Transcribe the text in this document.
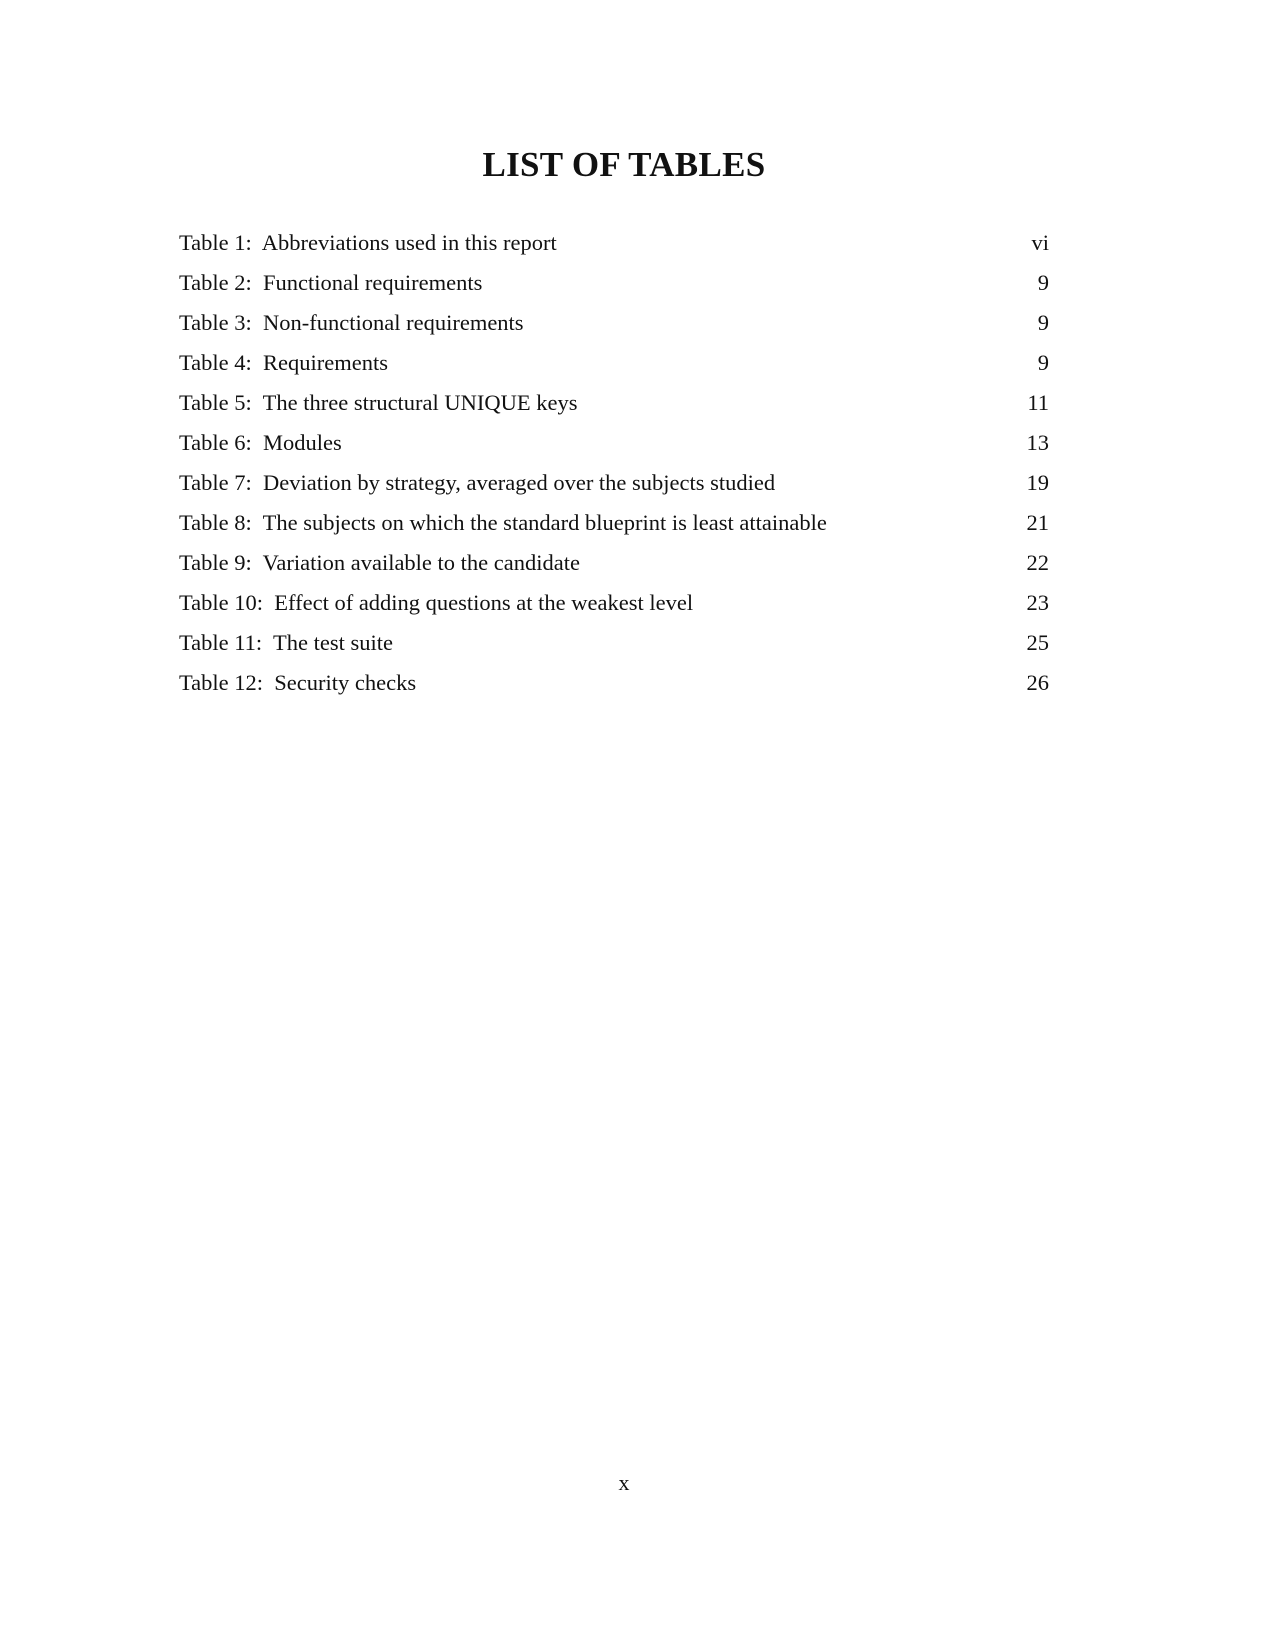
LIST OF TABLES
Table 1:  Abbreviations used in this report	vi
Table 2:  Functional requirements	9
Table 3:  Non-functional requirements	9
Table 4:  Requirements	9
Table 5:  The three structural UNIQUE keys	11
Table 6:  Modules	13
Table 7:  Deviation by strategy, averaged over the subjects studied	19
Table 8:  The subjects on which the standard blueprint is least attainable	21
Table 9:  Variation available to the candidate	22
Table 10:  Effect of adding questions at the weakest level	23
Table 11:  The test suite	25
Table 12:  Security checks	26
x
